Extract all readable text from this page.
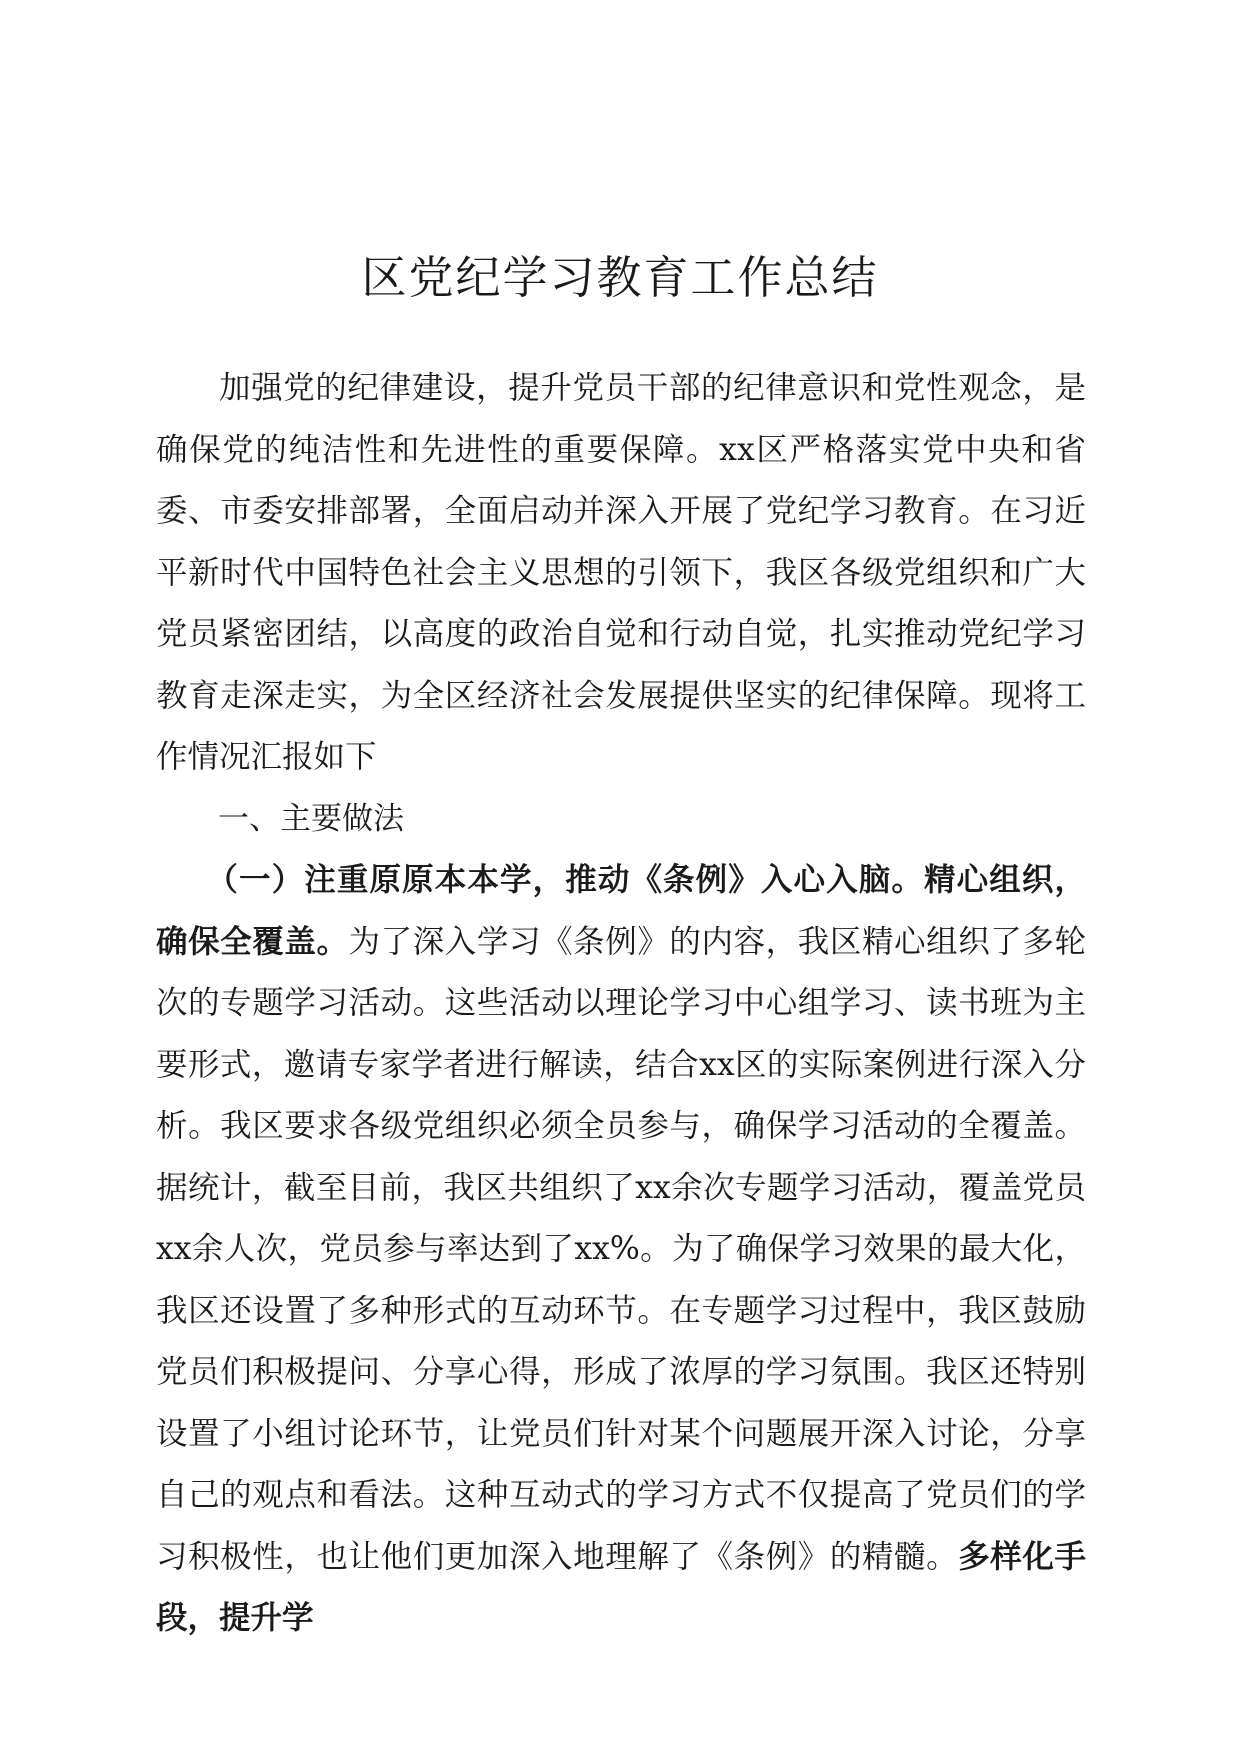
区党纪学习教育工作总结

加强党的纪律建设，提升党员干部的纪律意识和党性观念，是确保党的纯洁性和先进性的重要保障。xx区严格落实党中央和省委、市委安排部署，全面启动并深入开展了党纪学习教育。在习近平新时代中国特色社会主义思想的引领下，我区各级党组织和广大党员紧密团结，以高度的政治自觉和行动自觉，扎实推动党纪学习教育走深走实，为全区经济社会发展提供坚实的纪律保障。现将工作情况汇报如下

一、主要做法

（一）注重原原本本学，推动《条例》入心入脑。精心组织，确保全覆盖。为了深入学习《条例》的内容，我区精心组织了多轮次的专题学习活动。这些活动以理论学习中心组学习、读书班为主要形式，邀请专家学者进行解读，结合xx区的实际案例进行深入分析。我区要求各级党组织必须全员参与，确保学习活动的全覆盖。据统计，截至目前，我区共组织了xx余次专题学习活动，覆盖党员xx余人次，党员参与率达到了xx%。为了确保学习效果的最大化，我区还设置了多种形式的互动环节。在专题学习过程中，我区鼓励党员们积极提问、分享心得，形成了浓厚的学习氛围。我区还特别设置了小组讨论环节，让党员们针对某个问题展开深入讨论，分享自己的观点和看法。这种互动式的学习方式不仅提高了党员们的学习积极性，也让他们更加深入地理解了《条例》的精髓。多样化手段，提升学
